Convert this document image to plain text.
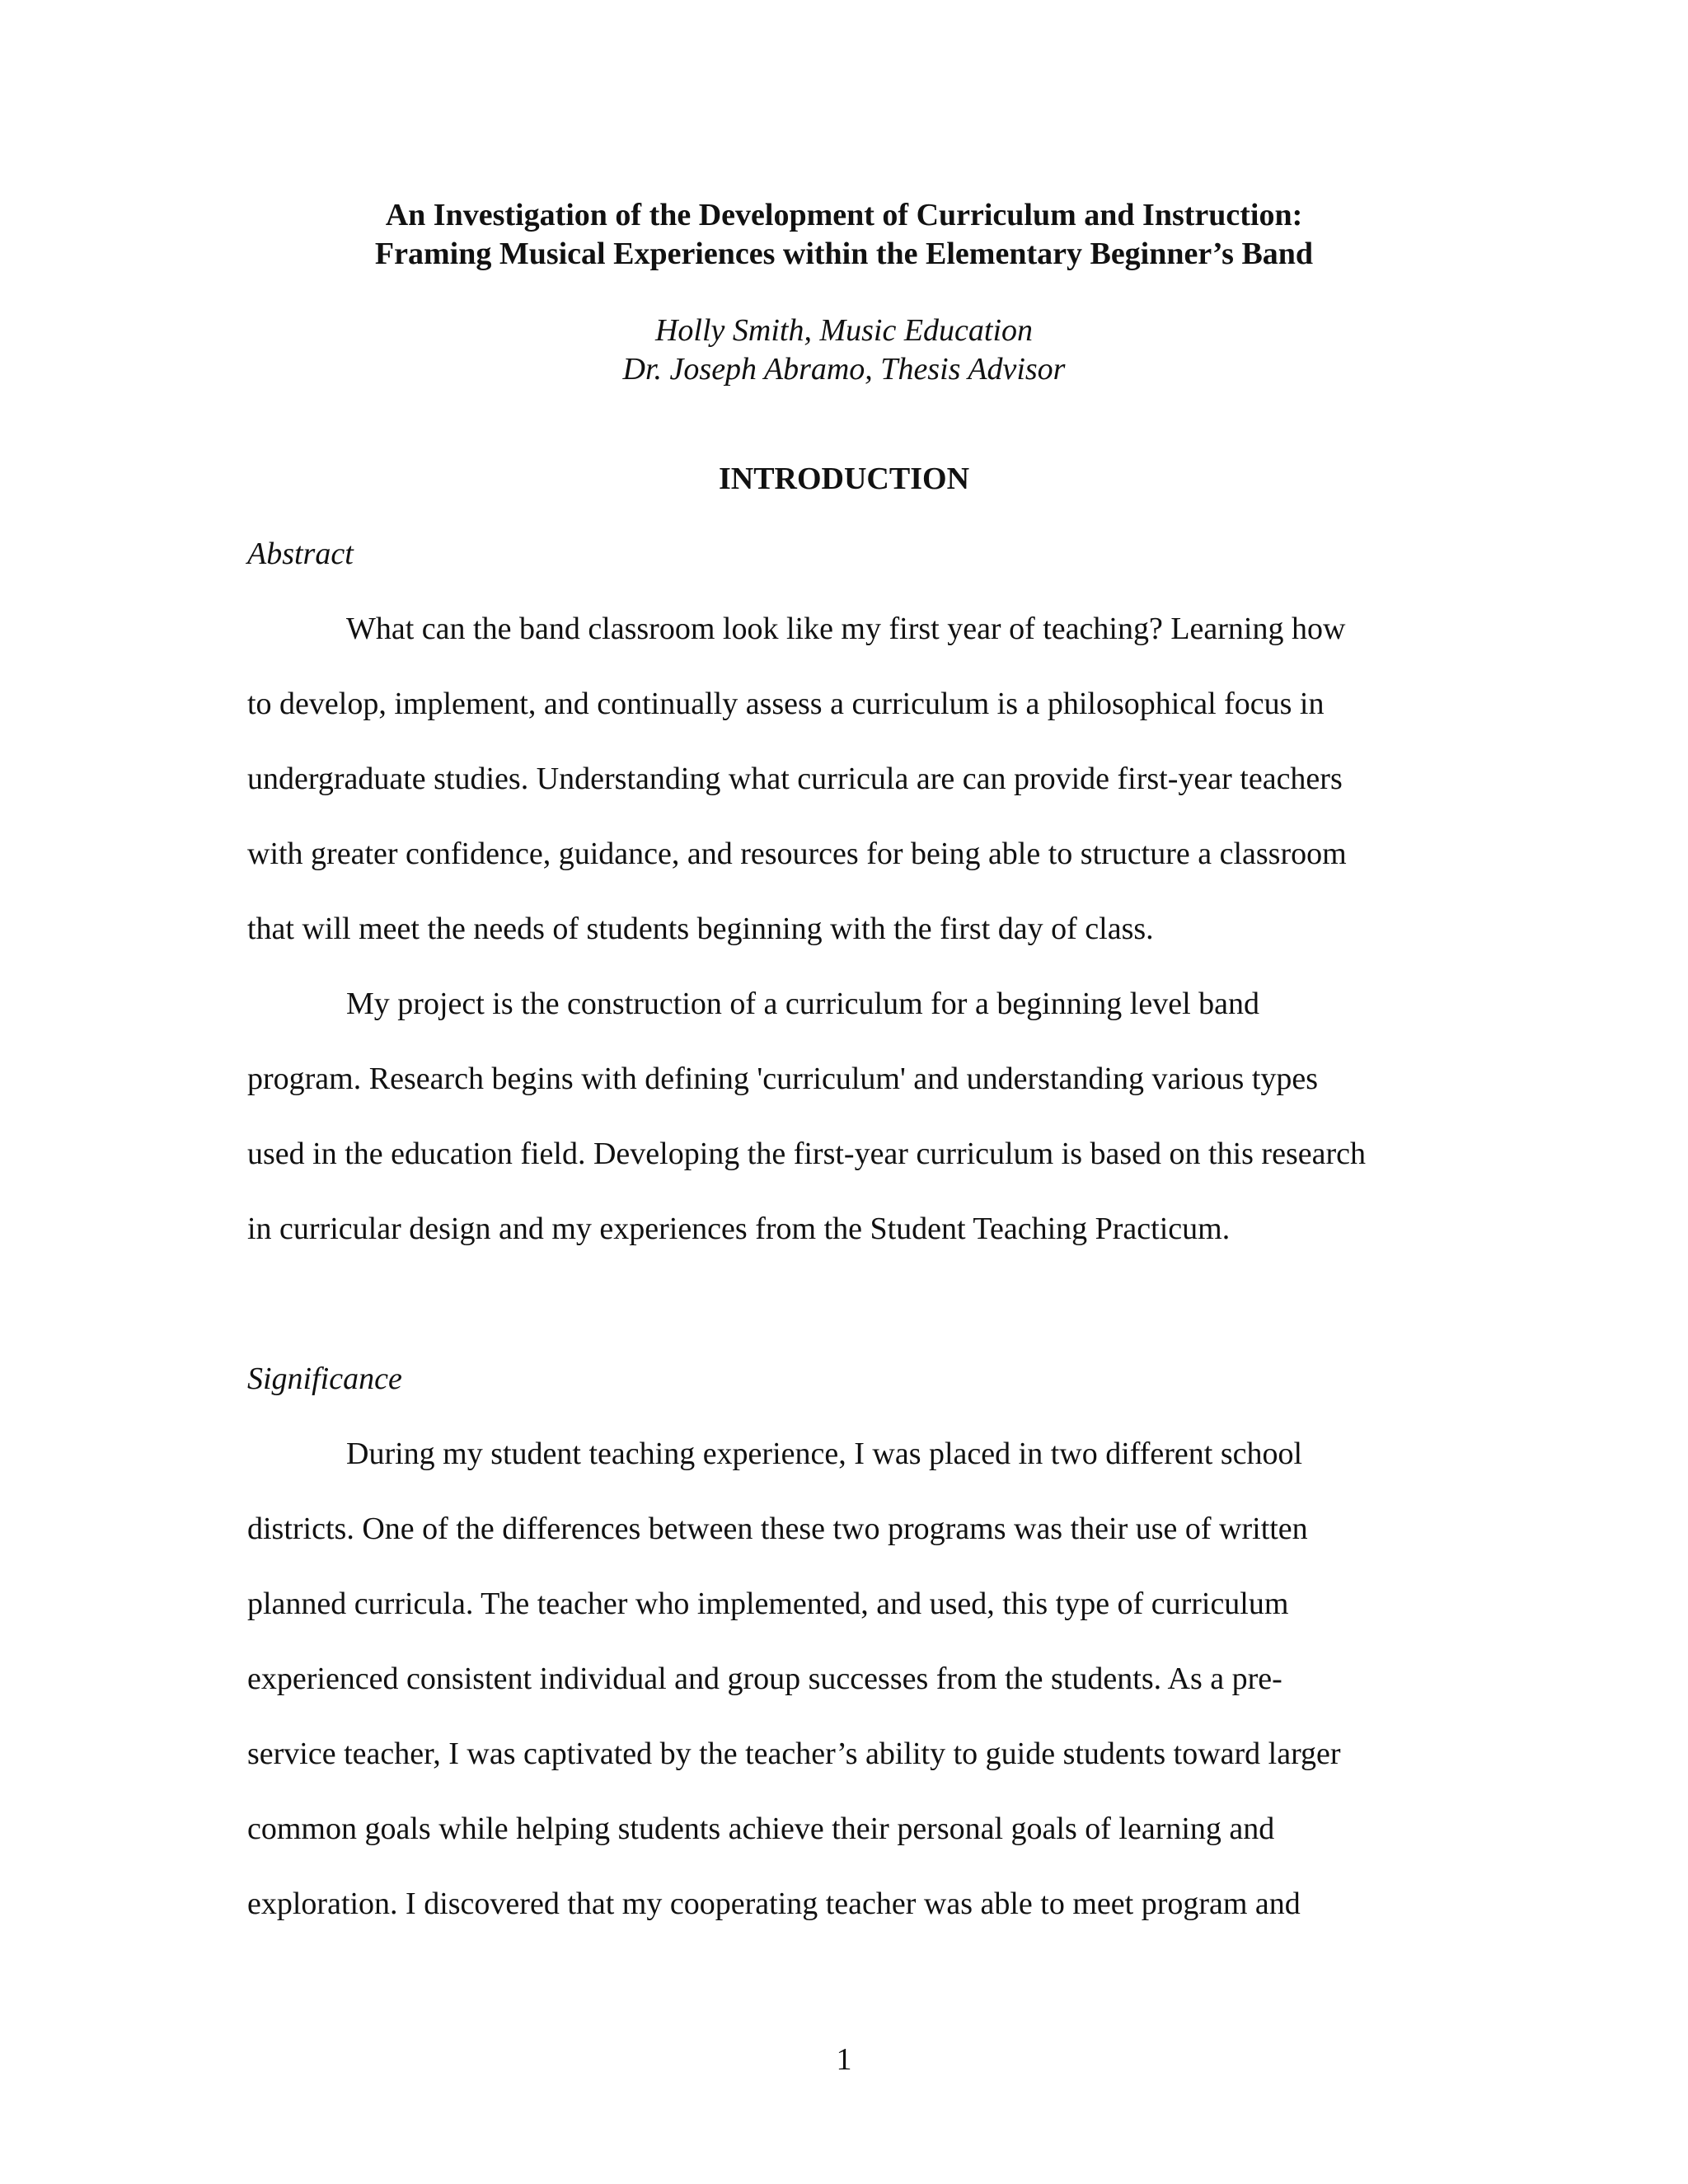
An Investigation of the Development of Curriculum and Instruction:
Framing Musical Experiences within the Elementary Beginner’s Band
Holly Smith, Music Education
Dr. Joseph Abramo, Thesis Advisor
INTRODUCTION
Abstract
What can the band classroom look like my first year of teaching? Learning how
to develop, implement, and continually assess a curriculum is a philosophical focus in
undergraduate studies. Understanding what curricula are can provide first-year teachers
with greater confidence, guidance, and resources for being able to structure a classroom
that will meet the needs of students beginning with the first day of class.
My project is the construction of a curriculum for a beginning level band
program. Research begins with defining 'curriculum' and understanding various types
used in the education field. Developing the first-year curriculum is based on this research
in curricular design and my experiences from the Student Teaching Practicum.
Significance
During my student teaching experience, I was placed in two different school
districts. One of the differences between these two programs was their use of written
planned curricula. The teacher who implemented, and used, this type of curriculum
experienced consistent individual and group successes from the students. As a pre-
service teacher, I was captivated by the teacher’s ability to guide students toward larger
common goals while helping students achieve their personal goals of learning and
exploration. I discovered that my cooperating teacher was able to meet program and
1
